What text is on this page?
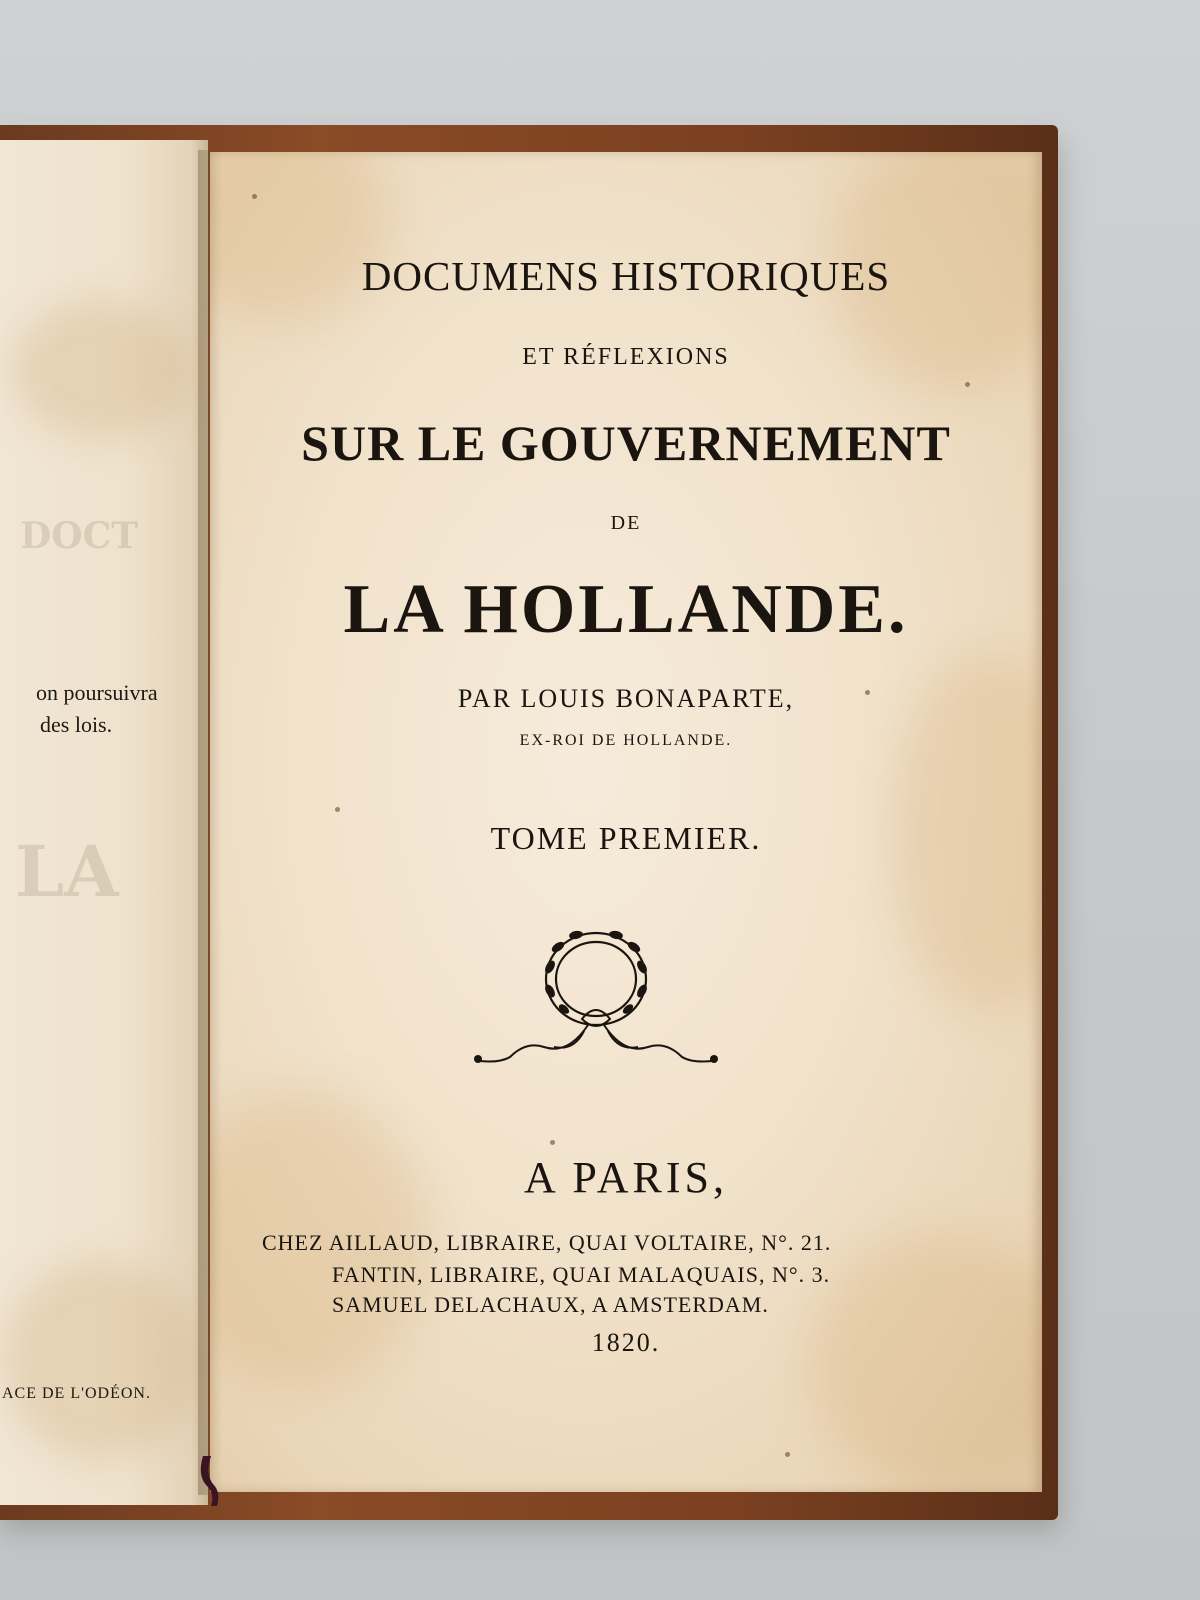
DOCT
LA
on poursuivra
des lois.
ACE DE L'ODÉON.
DOCUMENS HISTORIQUES
ET RÉFLEXIONS
SUR LE GOUVERNEMENT
DE
LA HOLLANDE.
PAR LOUIS BONAPARTE,
EX-ROI DE HOLLANDE.
TOME PREMIER.
A PARIS,
CHEZ AILLAUD, LIBRAIRE, QUAI VOLTAIRE, N°. 21.
FANTIN, LIBRAIRE, QUAI MALAQUAIS, N°. 3.
SAMUEL DELACHAUX, A AMSTERDAM.
1820.
